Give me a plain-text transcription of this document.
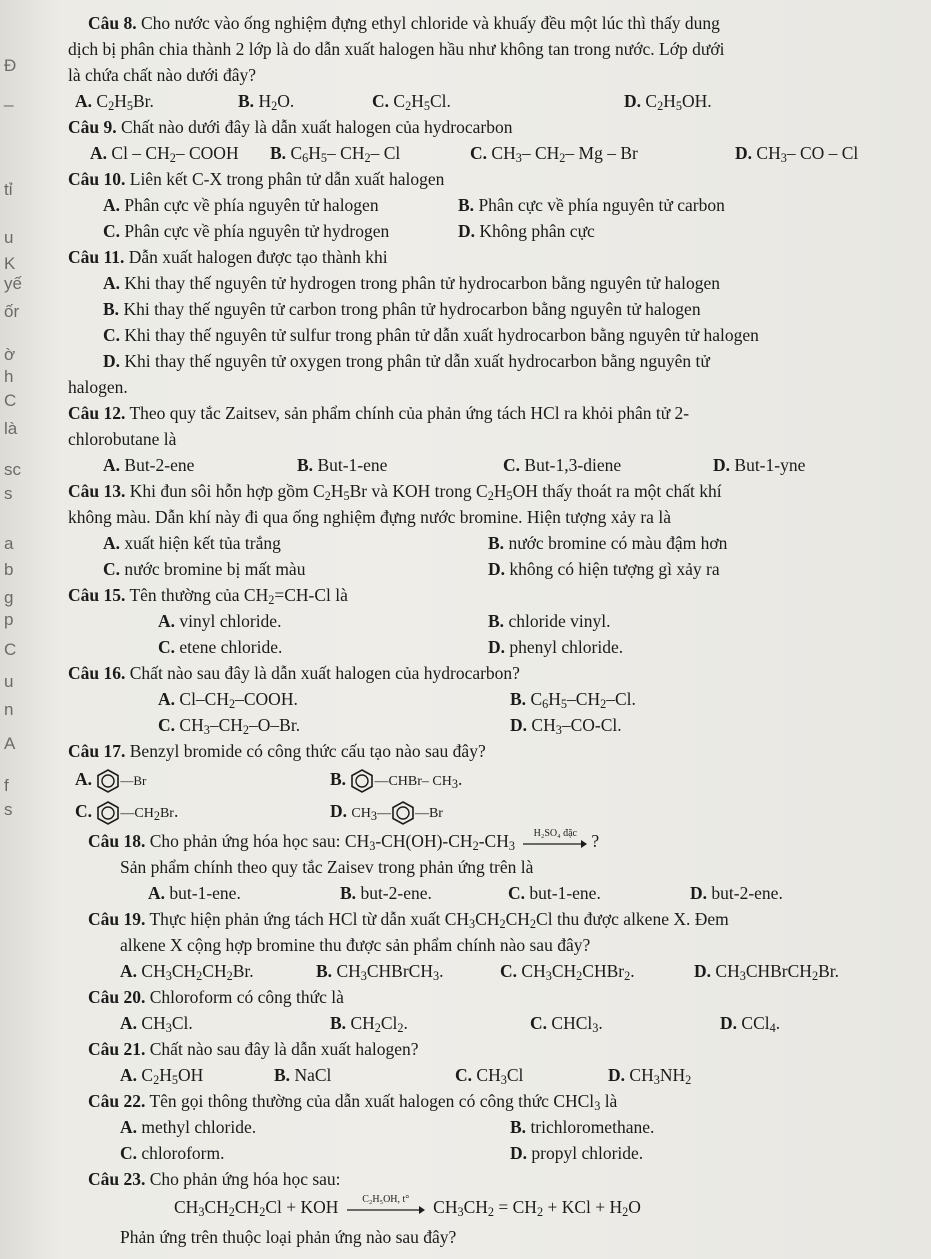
Đ
_
tỉ
u
K
yế
ốr
ờ
h
C
là
sc
s
a
b
g
p
C
u
n
A
f
s
Câu 8. Cho nước vào ống nghiệm đựng ethyl chloride và khuấy đều một lúc thì thấy dung
dịch bị phân chia thành 2 lớp là do dẫn xuất halogen hầu như không tan trong nước. Lớp dưới
là chứa chất nào dưới đây?
A. $C_2H_5Br$.	B. $H_2O$.	C. $C_2H_5Cl$.	D. $C_2H_5OH$.
Câu 9. Chất nào dưới đây là dẫn xuất halogen của hydrocarbon
A. Cl – $CH_2-$ COOH B. $C_6H_5-$ $CH_2-$ Cl	C. $CH_3-$ $CH_2-$ Mg – Br	D. $CH_3-$ CO – Cl
Câu 10. Liên kết C-X trong phân tử dẫn xuất halogen
A. Phân cực về phía nguyên tử halogen	B. Phân cực về phía nguyên tử carbon
C. Phân cực về phía nguyên tử hydrogen	D. Không phân cực
Câu 11. Dẫn xuất halogen được tạo thành khi
A. Khi thay thế nguyên tử hydrogen trong phân tử hydrocarbon bằng nguyên tử halogen
B. Khi thay thế nguyên tử carbon trong phân tử hydrocarbon bằng nguyên tử halogen
C. Khi thay thế nguyên tử sulfur trong phân tử dẫn xuất hydrocarbon bằng nguyên tử halogen
D. Khi thay thế nguyên tử oxygen trong phân tử dẫn xuất hydrocarbon bằng nguyên tử
halogen.
Câu 12. Theo quy tắc Zaitsev, sản phẩm chính của phản ứng tách HCl ra khỏi phân tử 2-
chlorobutane là
A. But-2-ene	B. But-1-ene	C. But-1,3-diene	D. But-1-yne
Câu 13. Khi đun sôi hỗn hợp gồm $C_2H_5Br$ và KOH trong $C_2H_5OH$ thấy thoát ra một chất khí
không màu. Dẫn khí này đi qua ống nghiệm đựng nước bromine. Hiện tượng xảy ra là
A. xuất hiện kết tủa trắng	B. nước bromine có màu đậm hơn
C. nước bromine bị mất màu	D. không có hiện tượng gì xảy ra
Câu 15. Tên thường của $CH_2=CH-Cl$ là
A. vinyl chloride.	B. chloride vinyl.
C. etene chloride.	D. phenyl chloride.
Câu 16. Chất nào sau đây là dẫn xuất halogen của hydrocarbon?
A. $Cl-CH_2$–COOH.	B. $C_6H_5-CH_2-Cl$.
C. $CH_3-CH_2-O-Br$.	D. $CH_3-CO-Cl$.
Câu 17. Benzyl bromide có công thức cấu tạo nào sau đây?
A. —Br	B. —CHBr– $CH_3$.
C. $—CH_2Br$.	D. $CH_3—$ —Br
Câu 18. Cho phản ứng hóa học sau: $CH_3-CH(OH)-CH_2-CH_3$
H₂SO₄ đặc ?
Sản phẩm chính theo quy tắc Zaisev trong phản ứng trên là
A. but-1-ene.	B. but-2-ene.	C. but-1-ene.	D. but-2-ene.
Câu 19. Thực hiện phản ứng tách HCl từ dẫn xuất $CH_3CH_2CH_2Cl$ thu được alkene X. Đem
alkene X cộng hợp bromine thu được sản phẩm chính nào sau đây?
A. $CH_3CH_2CH_2Br$.	B. $CH_3CHBrCH_3$.	C. $CH_3CH_2CHBr_2$.	D. $CH_3CHBrCH_2Br$.
Câu 20. Chloroform có công thức là
A. $CH_3Cl$.	B. $CH_2Cl_2$.	C. CHCl$_3$.	D. CCl$_4$.
Câu 21. Chất nào sau đây là dẫn xuất halogen?
A. $C_2H_5OH$	B. NaCl	C. $CH_3Cl$	D. $CH_3NH_2$
Câu 22. Tên gọi thông thường của dẫn xuất halogen có công thức CHCl$_3$ là
A. methyl chloride.	B. trichloromethane.
C. chloroform.	D. propyl chloride.
Câu 23. Cho phản ứng hóa học sau:
$CH_3CH_2CH_2Cl$ + KOH	C₂H₅OH, t°	$CH_3CH_2 = CH_2$ + KCl + $H_2O$
Phản ứng trên thuộc loại phản ứng nào sau đây?
